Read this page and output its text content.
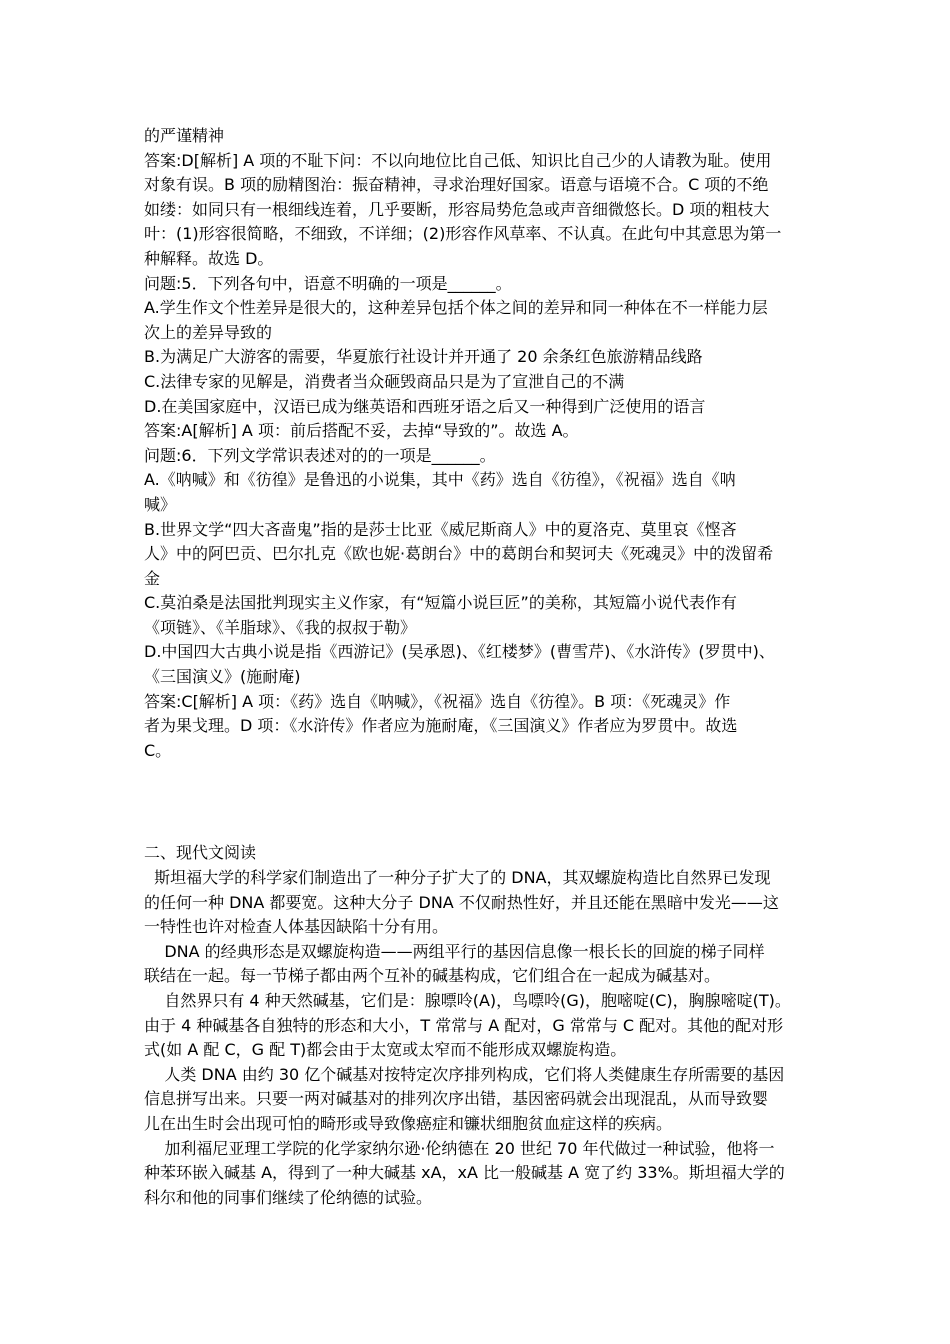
的严谨精神
答案:D[解析] A 项的不耻下问：不以向地位比自己低、知识比自己少的人请教为耻。使用
对象有误。B 项的励精图治：振奋精神，寻求治理好国家。语意与语境不合。C 项的不绝
如缕：如同只有一根细线连着，几乎要断，形容局势危急或声音细微悠长。D 项的粗枝大
叶：(1)形容很简略，不细致，不详细；(2)形容作风草率、不认真。在此句中其意思为第一
种解释。故选 D。
问题:5．下列各句中，语意不明确的一项是______。
A.学生作文个性差异是很大的，这种差异包括个体之间的差异和同一种体在不一样能力层
次上的差异导致的
B.为满足广大游客的需要，华夏旅行社设计并开通了 20 余条红色旅游精品线路
C.法律专家的见解是，消费者当众砸毁商品只是为了宣泄自己的不满
D.在美国家庭中，汉语已成为继英语和西班牙语之后又一种得到广泛使用的语言
答案:A[解析] A 项：前后搭配不妥，去掉“导致的”。故选 A。
问题:6．下列文学常识表述对的的一项是______。
A.《呐喊》和《彷徨》是鲁迅的小说集，其中《药》选自《彷徨》，《祝福》选自《呐
喊》
B.世界文学“四大吝啬鬼”指的是莎士比亚《威尼斯商人》中的夏洛克、莫里哀《悭吝
人》中的阿巴贡、巴尔扎克《欧也妮·葛朗台》中的葛朗台和契诃夫《死魂灵》中的泼留希
金
C.莫泊桑是法国批判现实主义作家，有“短篇小说巨匠”的美称，其短篇小说代表作有
《项链》、《羊脂球》、《我的叔叔于勒》
D.中国四大古典小说是指《西游记》(吴承恩)、《红楼梦》(曹雪芹)、《水浒传》(罗贯中)、
《三国演义》(施耐庵)
答案:C[解析] A 项：《药》选自《呐喊》，《祝福》选自《彷徨》。B 项：《死魂灵》作
者为果戈理。D 项：《水浒传》作者应为施耐庵，《三国演义》作者应为罗贯中。故选
C。
二、现代文阅读
斯坦福大学的科学家们制造出了一种分子扩大了的 DNA，其双螺旋构造比自然界已发现
的任何一种 DNA 都要宽。这种大分子 DNA 不仅耐热性好，并且还能在黑暗中发光——这
一特性也许对检查人体基因缺陷十分有用。
DNA 的经典形态是双螺旋构造——两组平行的基因信息像一根长长的回旋的梯子同样
联结在一起。每一节梯子都由两个互补的碱基构成，它们组合在一起成为碱基对。
自然界只有 4 种天然碱基，它们是：腺嘌呤(A)，鸟嘌呤(G)，胞嘧啶(C)，胸腺嘧啶(T)。
由于 4 种碱基各自独特的形态和大小，T 常常与 A 配对，G 常常与 C 配对。其他的配对形
式(如 A 配 C，G 配 T)都会由于太宽或太窄而不能形成双螺旋构造。
人类 DNA 由约 30 亿个碱基对按特定次序排列构成，它们将人类健康生存所需要的基因
信息拼写出来。只要一两对碱基对的排列次序出错，基因密码就会出现混乱，从而导致婴
儿在出生时会出现可怕的畸形或导致像癌症和镰状细胞贫血症这样的疾病。
加利福尼亚理工学院的化学家纳尔逊·伦纳德在 20 世纪 70 年代做过一种试验，他将一
种苯环嵌入碱基 A，得到了一种大碱基 xA，xA 比一般碱基 A 宽了约 33%。斯坦福大学的
科尔和他的同事们继续了伦纳德的试验。
